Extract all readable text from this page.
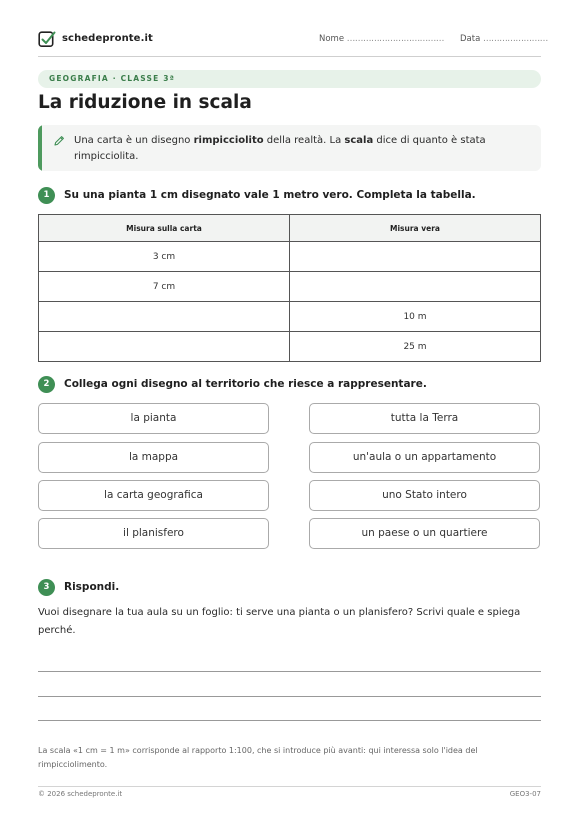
schedepronte.it	Nome ……………………………… Data ……………………
GEOGRAFIA · CLASSE 3ª
La riduzione in scala
Una carta è un disegno rimpicciolito della realtà. La scala dice di quanto è stata rimpicciolita.
1	Su una pianta 1 cm disegnato vale 1 metro vero. Completa la tabella.
Misura sulla carta	Misura vera
3 cm	
7 cm	
	10 m
	25 m
2	Collega ogni disegno al territorio che riesce a rappresentare.
la pianta
la mappa
la carta geografica
il planisfero
tutta la Terra
un'aula o un appartamento
uno Stato intero
un paese o un quartiere
3	Rispondi.
Vuoi disegnare la tua aula su un foglio: ti serve una pianta o un planisfero? Scrivi quale e spiega perché.
La scala «1 cm = 1 m» corrisponde al rapporto 1:100, che si introduce più avanti: qui interessa solo l'idea del rimpicciolimento.
© 2026 schedepronte.it	GEO3-07
